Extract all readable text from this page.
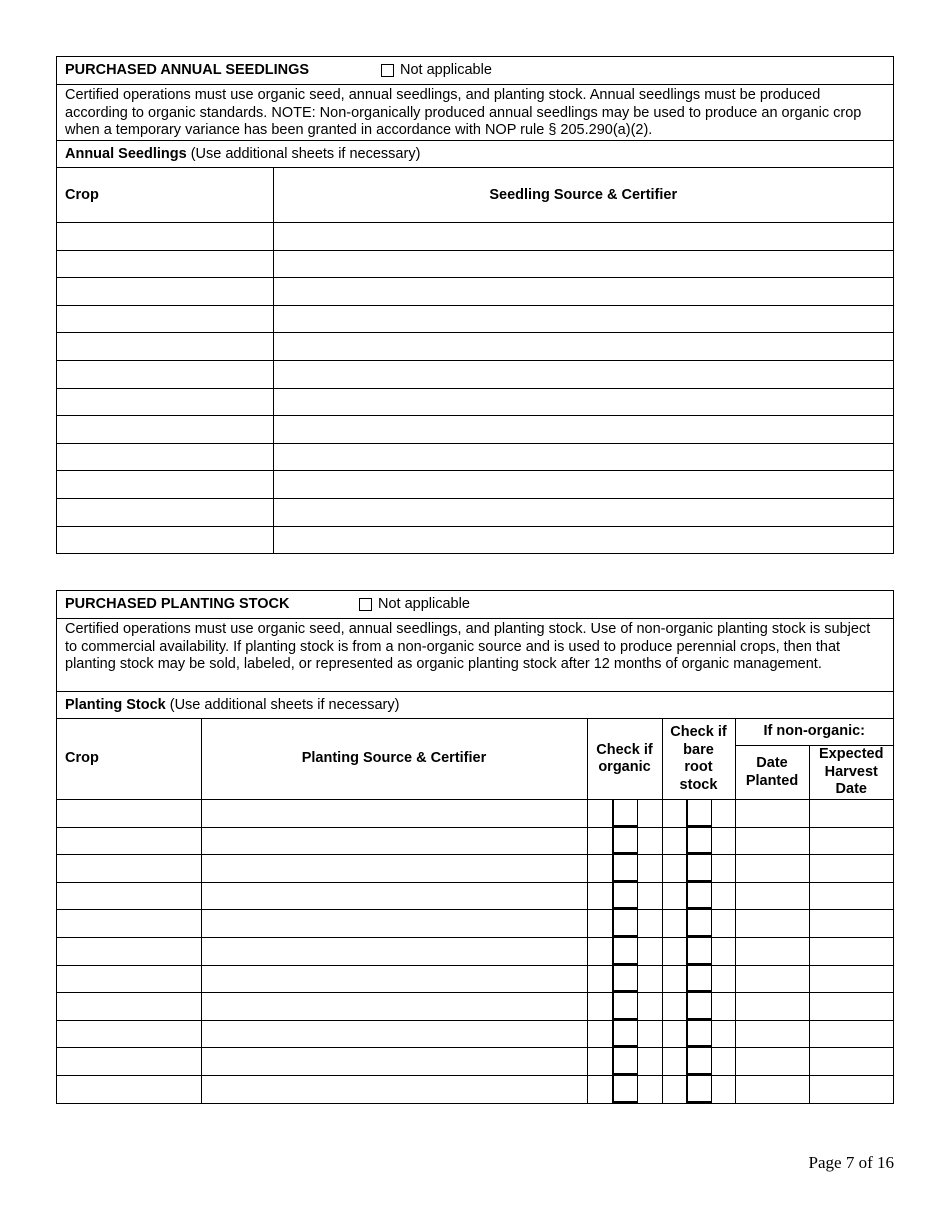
PURCHASED ANNUAL SEEDLINGS	Not applicable
Certified operations must use organic seed, annual seedlings, and planting stock. Annual seedlings must be produced according to organic standards. NOTE: Non-organically produced annual seedlings may be used to produce an organic crop when a temporary variance has been granted in accordance with NOP rule § 205.290(a)(2).
Annual Seedlings (Use additional sheets if necessary)
Crop	Seedling Source & Certifier

PURCHASED PLANTING STOCK	Not applicable
Certified operations must use organic seed, annual seedlings, and planting stock. Use of non-organic planting stock is subject to commercial availability. If planting stock is from a non-organic source and is used to produce perennial crops, then that planting stock may be sold, labeled, or represented as organic planting stock after 12 months of organic management.
Planting Stock (Use additional sheets if necessary)
Crop	Planting Source & Certifier	Check if organic	Check if bare root stock	If non-organic:	
				Date Planted	Expected Harvest Date

Page 7 of 16
